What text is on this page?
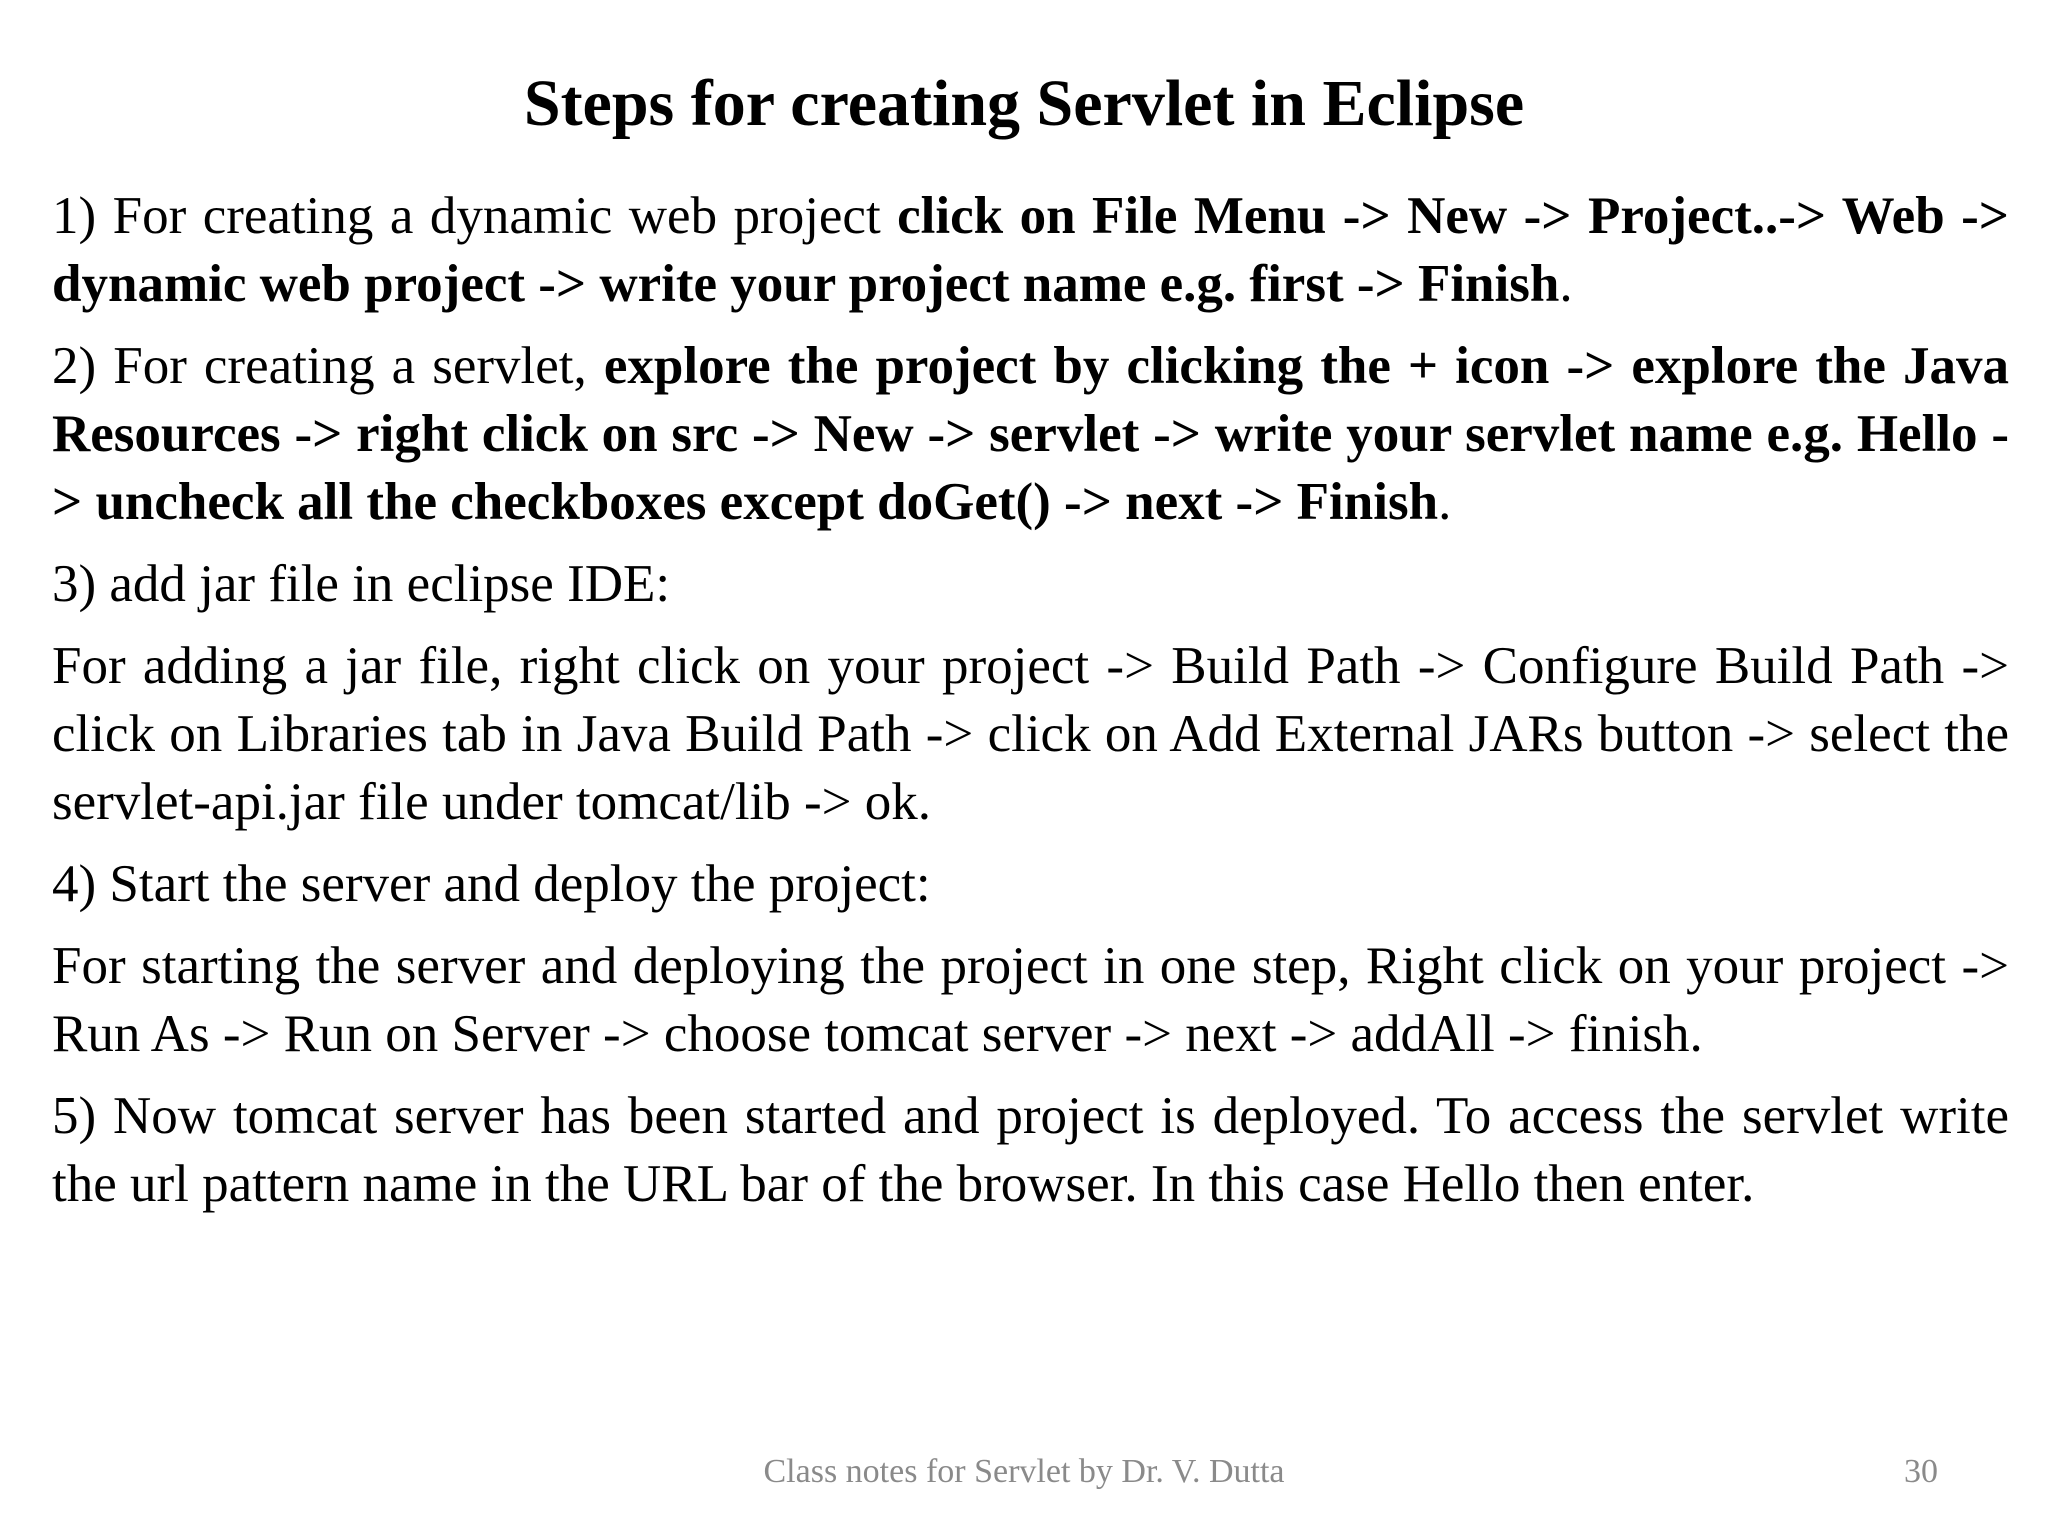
Steps for creating Servlet in Eclipse

1) For creating a dynamic web project click on File Menu -> New -> Project..-> Web -> dynamic web project -> write your project name e.g. first -> Finish.

2) For creating a servlet, explore the project by clicking the + icon -> explore the Java Resources -> right click on src -> New -> servlet -> write your servlet name e.g. Hello -> uncheck all the checkboxes except doGet() -> next -> Finish.

3) add jar file in eclipse IDE:

For adding a jar file, right click on your project -> Build Path -> Configure Build Path -> click on Libraries tab in Java Build Path -> click on Add External JARs button -> select the servlet-api.jar file under tomcat/lib -> ok.

4) Start the server and deploy the project:

For starting the server and deploying the project in one step, Right click on your project -> Run As -> Run on Server -> choose tomcat server -> next -> addAll -> finish.

5) Now tomcat server has been started and project is deployed. To access the servlet write the url pattern name in the URL bar of the browser. In this case Hello then enter.

Class notes for Servlet by Dr. V. Dutta	30
